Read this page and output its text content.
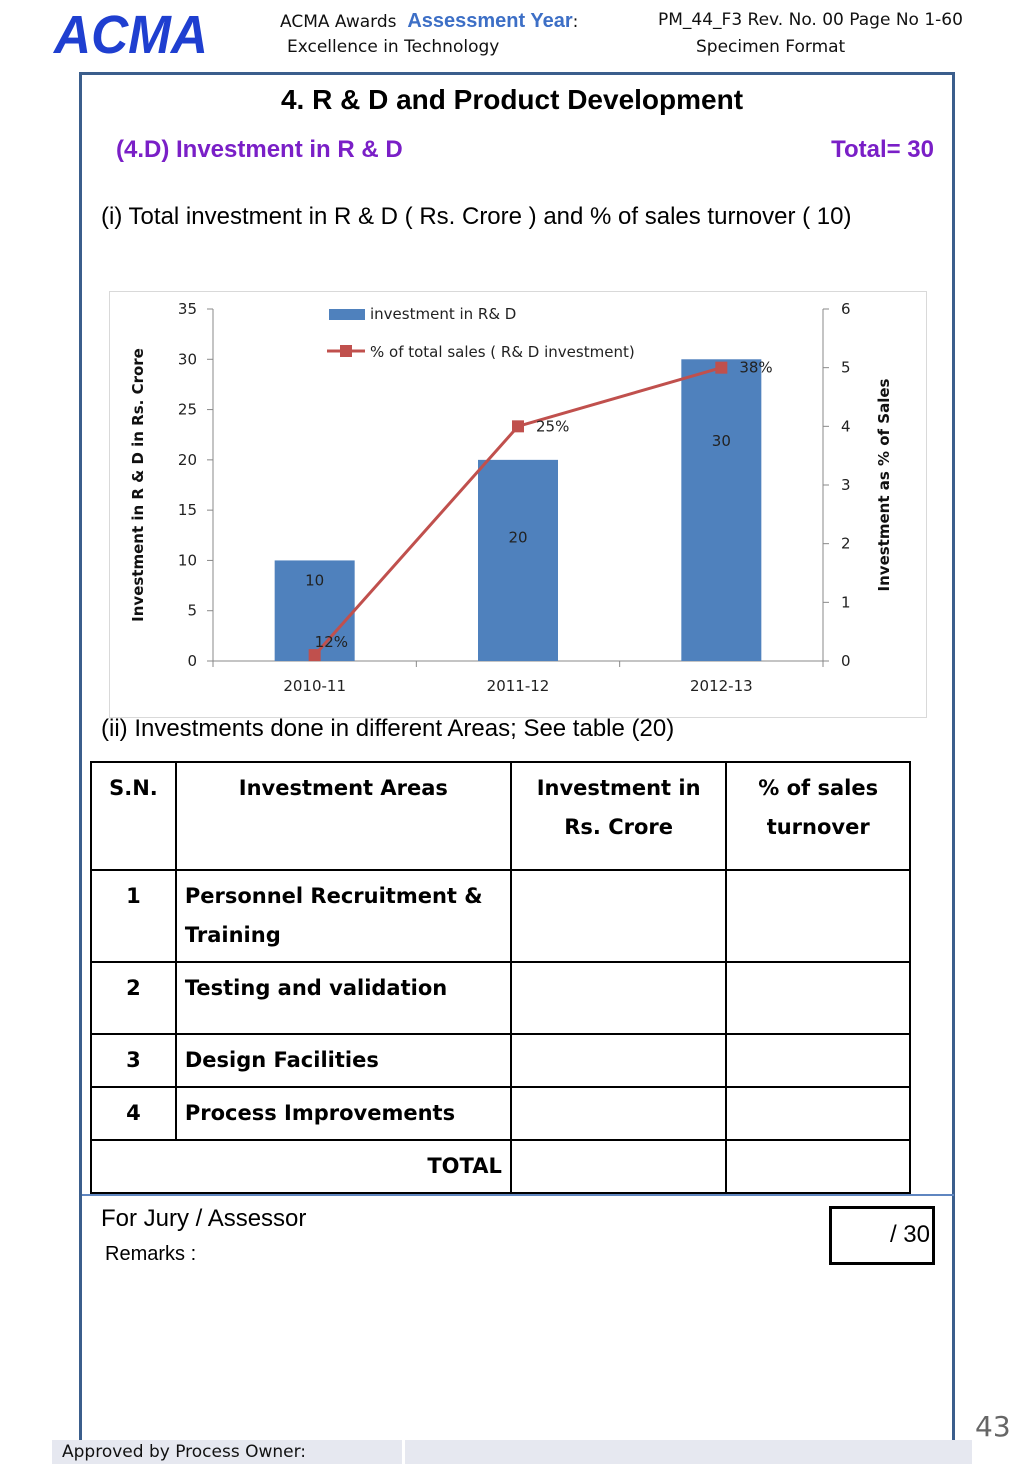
ACMA	ACMA Awards Assessment Year:	PM_44_F3 Rev. No. 00 Page No 1-60
Excellence in Technology	Specimen Format
4. R & D and Product Development
(4.D) Investment in R & D	Total= 30
(i) Total investment in R & D ( Rs. Crore ) and % of sales turnover ( 10)
0
5
10
15
20
25
30
35
0
1
2
3
4
5
6
2010-11	2011-12	2012-13
Investment in R & D in Rs. Crore	Investment as % of Sales
10
20
30
12%
25%
38%
investment in R& D
% of total sales ( R& D investment)
(ii) Investments done in different Areas; See table (20)
S.N.	Investment Areas	Investment in Rs. Crore	% of sales turnover
1	Personnel Recruitment & Training		
2	Testing and validation		
3	Design Facilities		
4	Process Improvements		
TOTAL			
For Jury / Assessor
Remarks :
/ 30
43
Approved by Process Owner:
